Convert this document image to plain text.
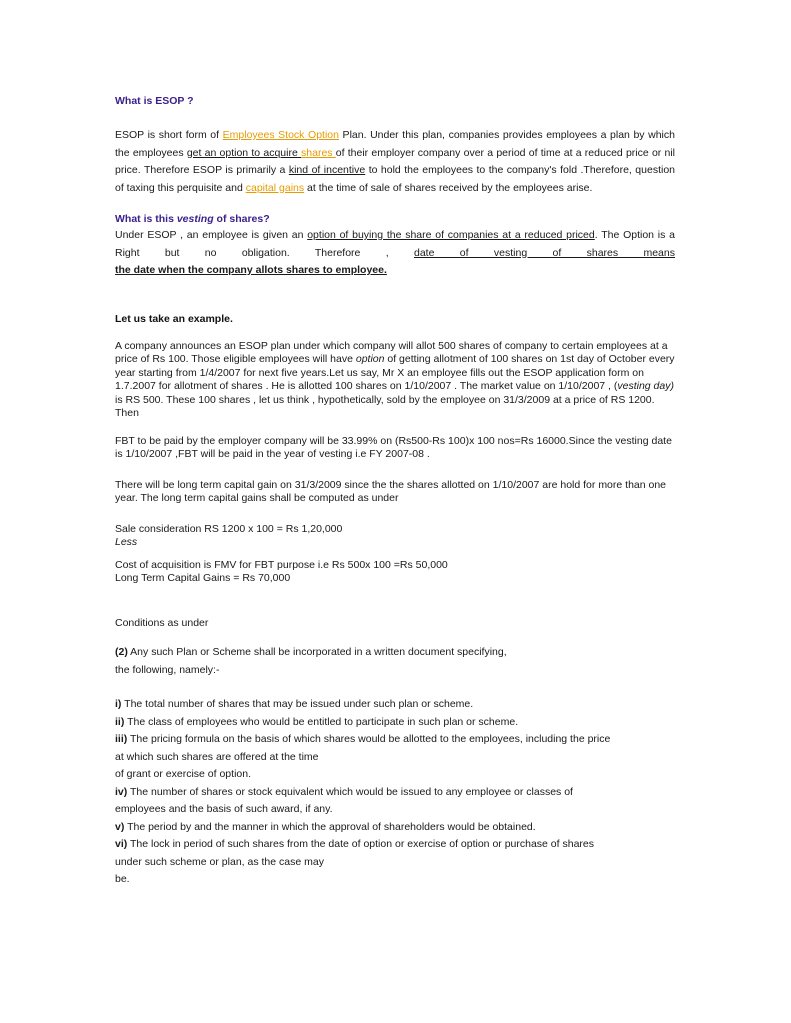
What is ESOP ?

ESOP is short form of Employees Stock Option Plan. Under this plan, companies provides employees a plan by which the employees get an option to acquire shares of their employer company over a period of time at a reduced price or nil price. Therefore ESOP is primarily a kind of incentive to hold the employees to the company's fold .Therefore, question of taxing this perquisite and capital gains at the time of sale of shares received by the employees arise.

What is this vesting of shares?

Under ESOP , an employee is given an option of buying the share of companies at a reduced priced. The Option is a Right but no obligation. Therefore , date of vesting of shares means

the date when the company allots shares to employee.

Let us take an example.

A company announces an ESOP plan under which company will allot 500 shares of company to certain employees at a price of Rs 100. Those eligible employees will have option of getting allotment of 100 shares on 1st day of October every year starting from 1/4/2007 for next five years.Let us say, Mr X an employee fills out the ESOP application form on 1.7.2007 for allotment of shares . He is allotted 100 shares on 1/10/2007 . The market value on 1/10/2007 , (vesting day) is RS 500. These 100 shares , let us think , hypothetically, sold by the employee on 31/3/2009 at a price of RS 1200. Then

FBT to be paid by the employer company will be 33.99% on (Rs500-Rs 100)x 100 nos=Rs 16000.Since the vesting date is 1/10/2007 ,FBT will be paid in the year of vesting i.e FY 2007-08 .

There will be long term capital gain on 31/3/2009 since the the shares allotted on 1/10/2007 are hold for more than one year. The long term capital gains shall be computed as under

Sale consideration RS 1200 x 100 = Rs 1,20,000

Less

Cost of acquisition is FMV for FBT purpose i.e Rs 500x 100 =Rs 50,000

Long Term Capital Gains = Rs 70,000

Conditions as under

(2) Any such Plan or Scheme shall be incorporated in a written document specifying,
the following, namely:-

i) The total number of shares that may be issued under such plan or scheme.

ii) The class of employees who would be entitled to participate in such plan or scheme.

iii) The pricing formula on the basis of which shares would be allotted to the employees, including the price
at which such shares are offered at the time
of grant or exercise of option.

iv) The number of shares or stock equivalent which would be issued to any employee or classes of
employees and the basis of such award, if any.

v) The period by and the manner in which the approval of shareholders would be obtained.

vi) The lock in period of such shares from the date of option or exercise of option or purchase of shares
under such scheme or plan, as the case may
be.
